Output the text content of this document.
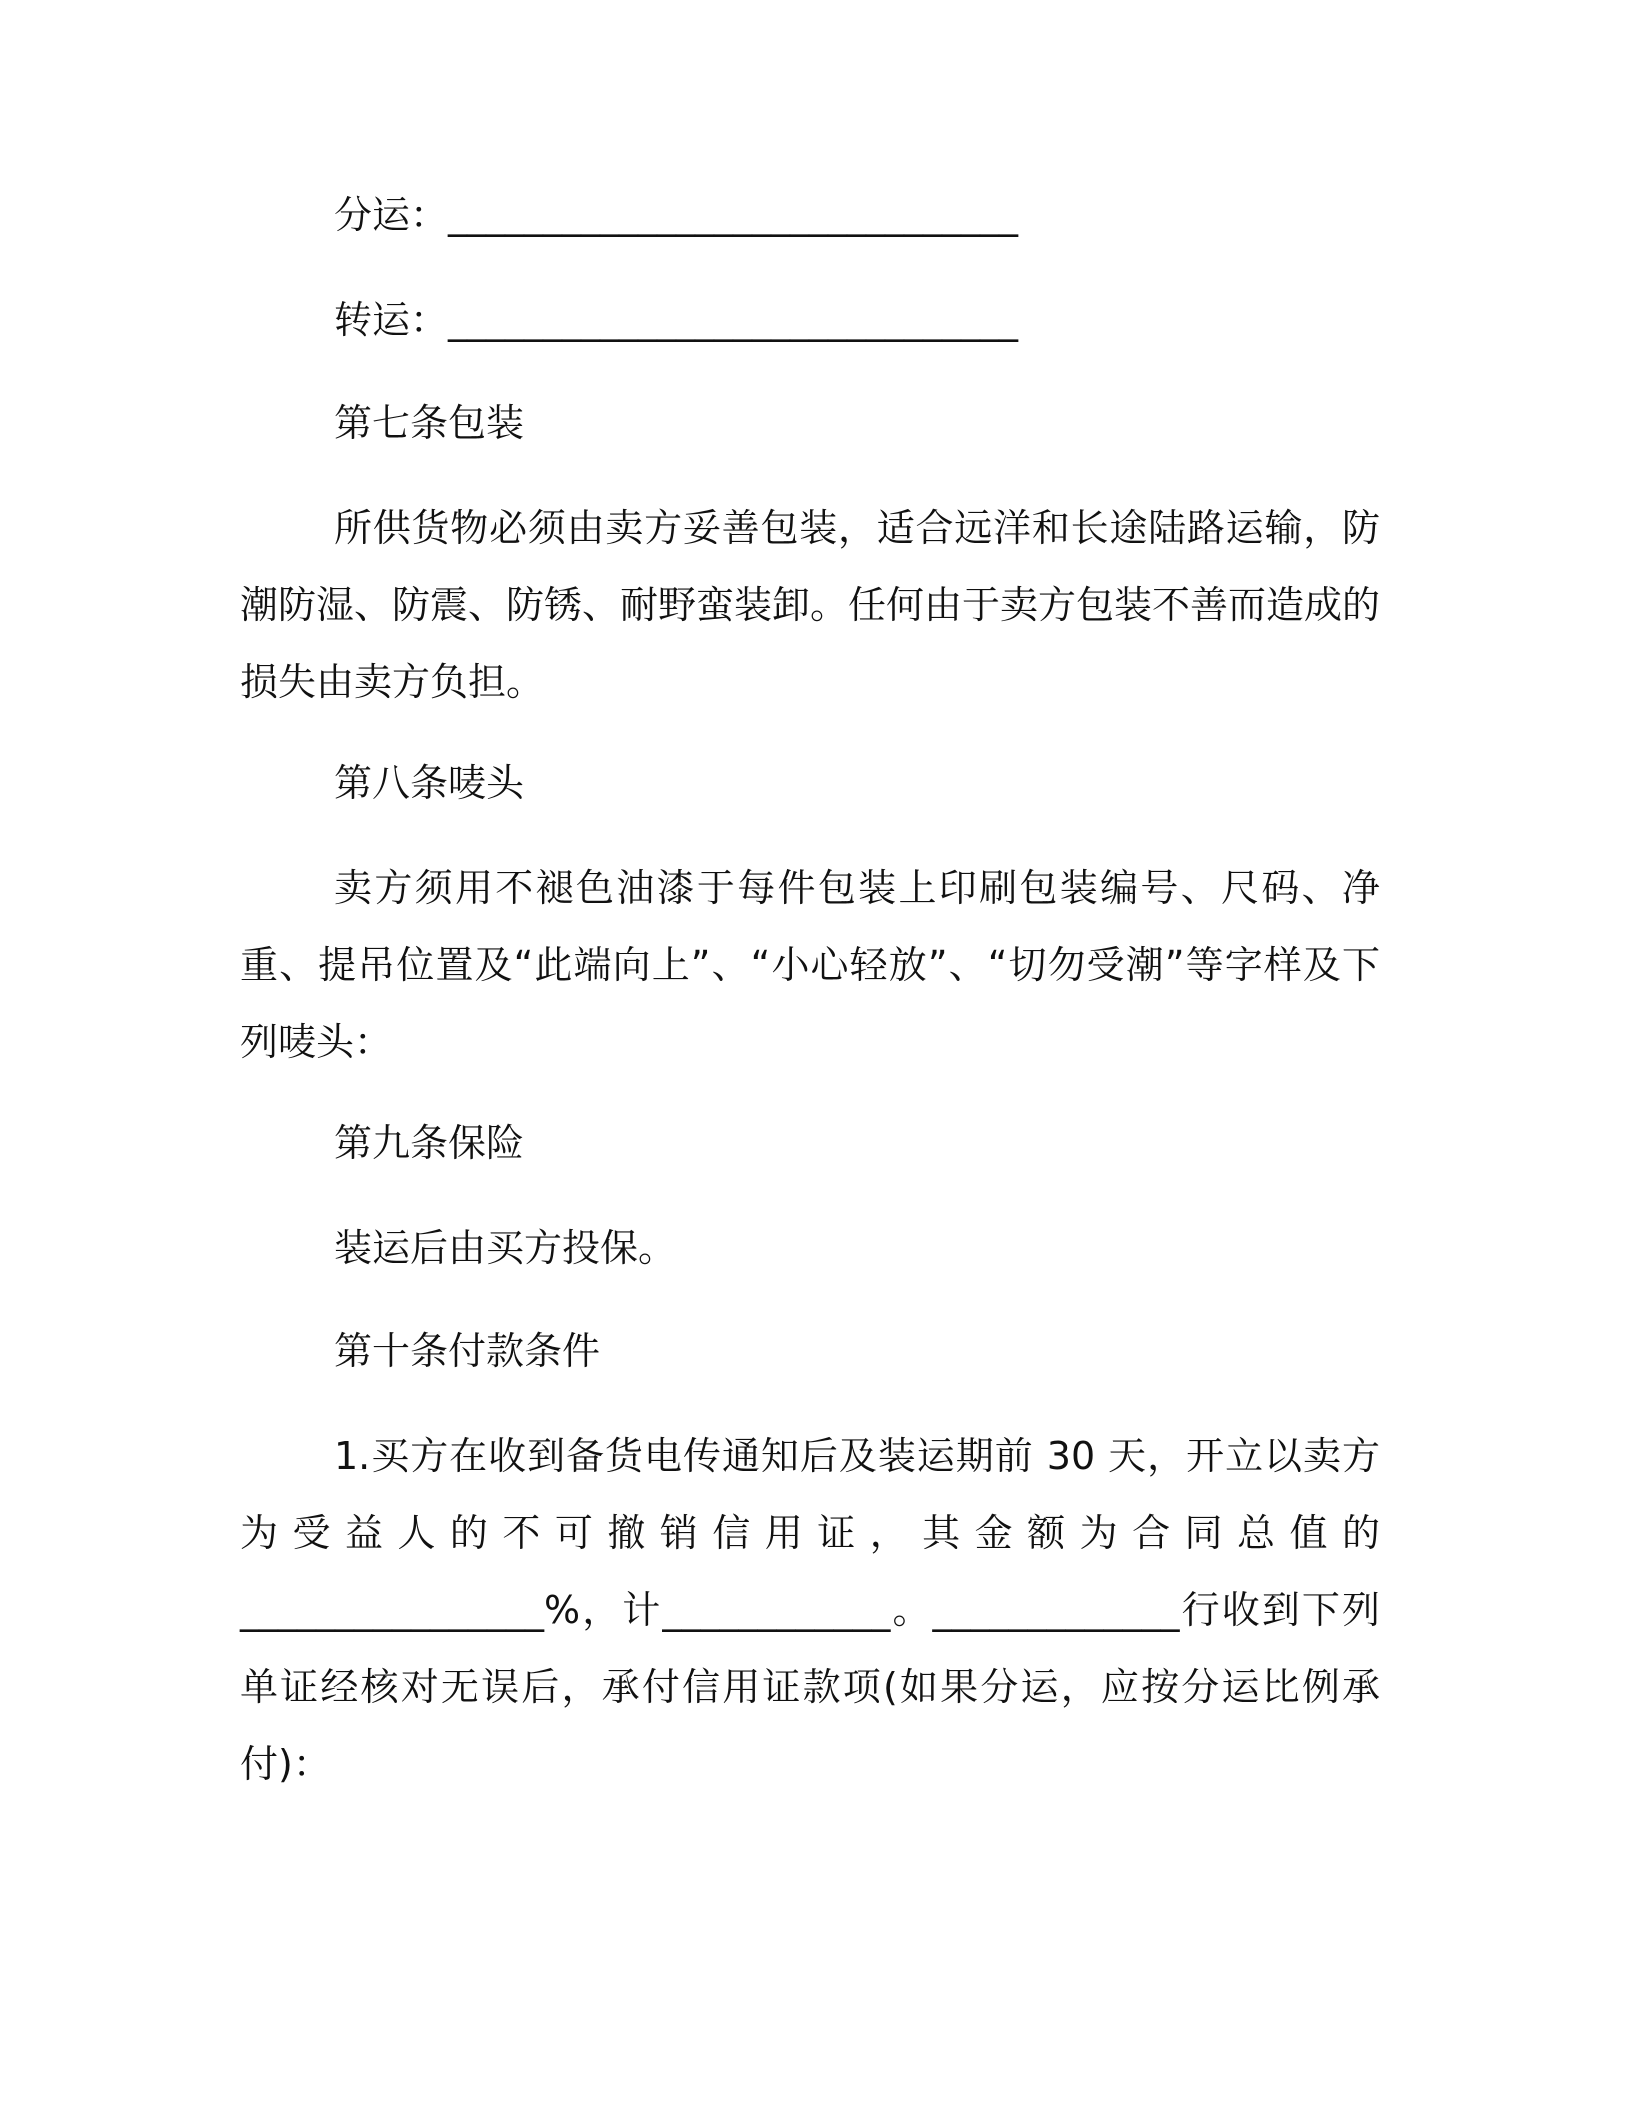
分运：______________________________
转运：______________________________
第七条包装
所供货物必须由卖方妥善包装，适合远洋和长途陆路运输，防潮防湿、防震、防锈、耐野蛮装卸。任何由于卖方包装不善而造成的损失由卖方负担。
第八条唛头
卖方须用不褪色油漆于每件包装上印刷包装编号、尺码、净重、提吊位置及“此端向上”、“小心轻放”、“切勿受潮”等字样及下列唛头：
第九条保险
装运后由买方投保。
第十条付款条件
1.买方在收到备货电传通知后及装运期前 30 天，开立以卖方为受益人的不可撤销信用证，其金额为合同总值的________________%，计____________。_____________行收到下列单证经核对无误后，承付信用证款项(如果分运，应按分运比例承付)：
